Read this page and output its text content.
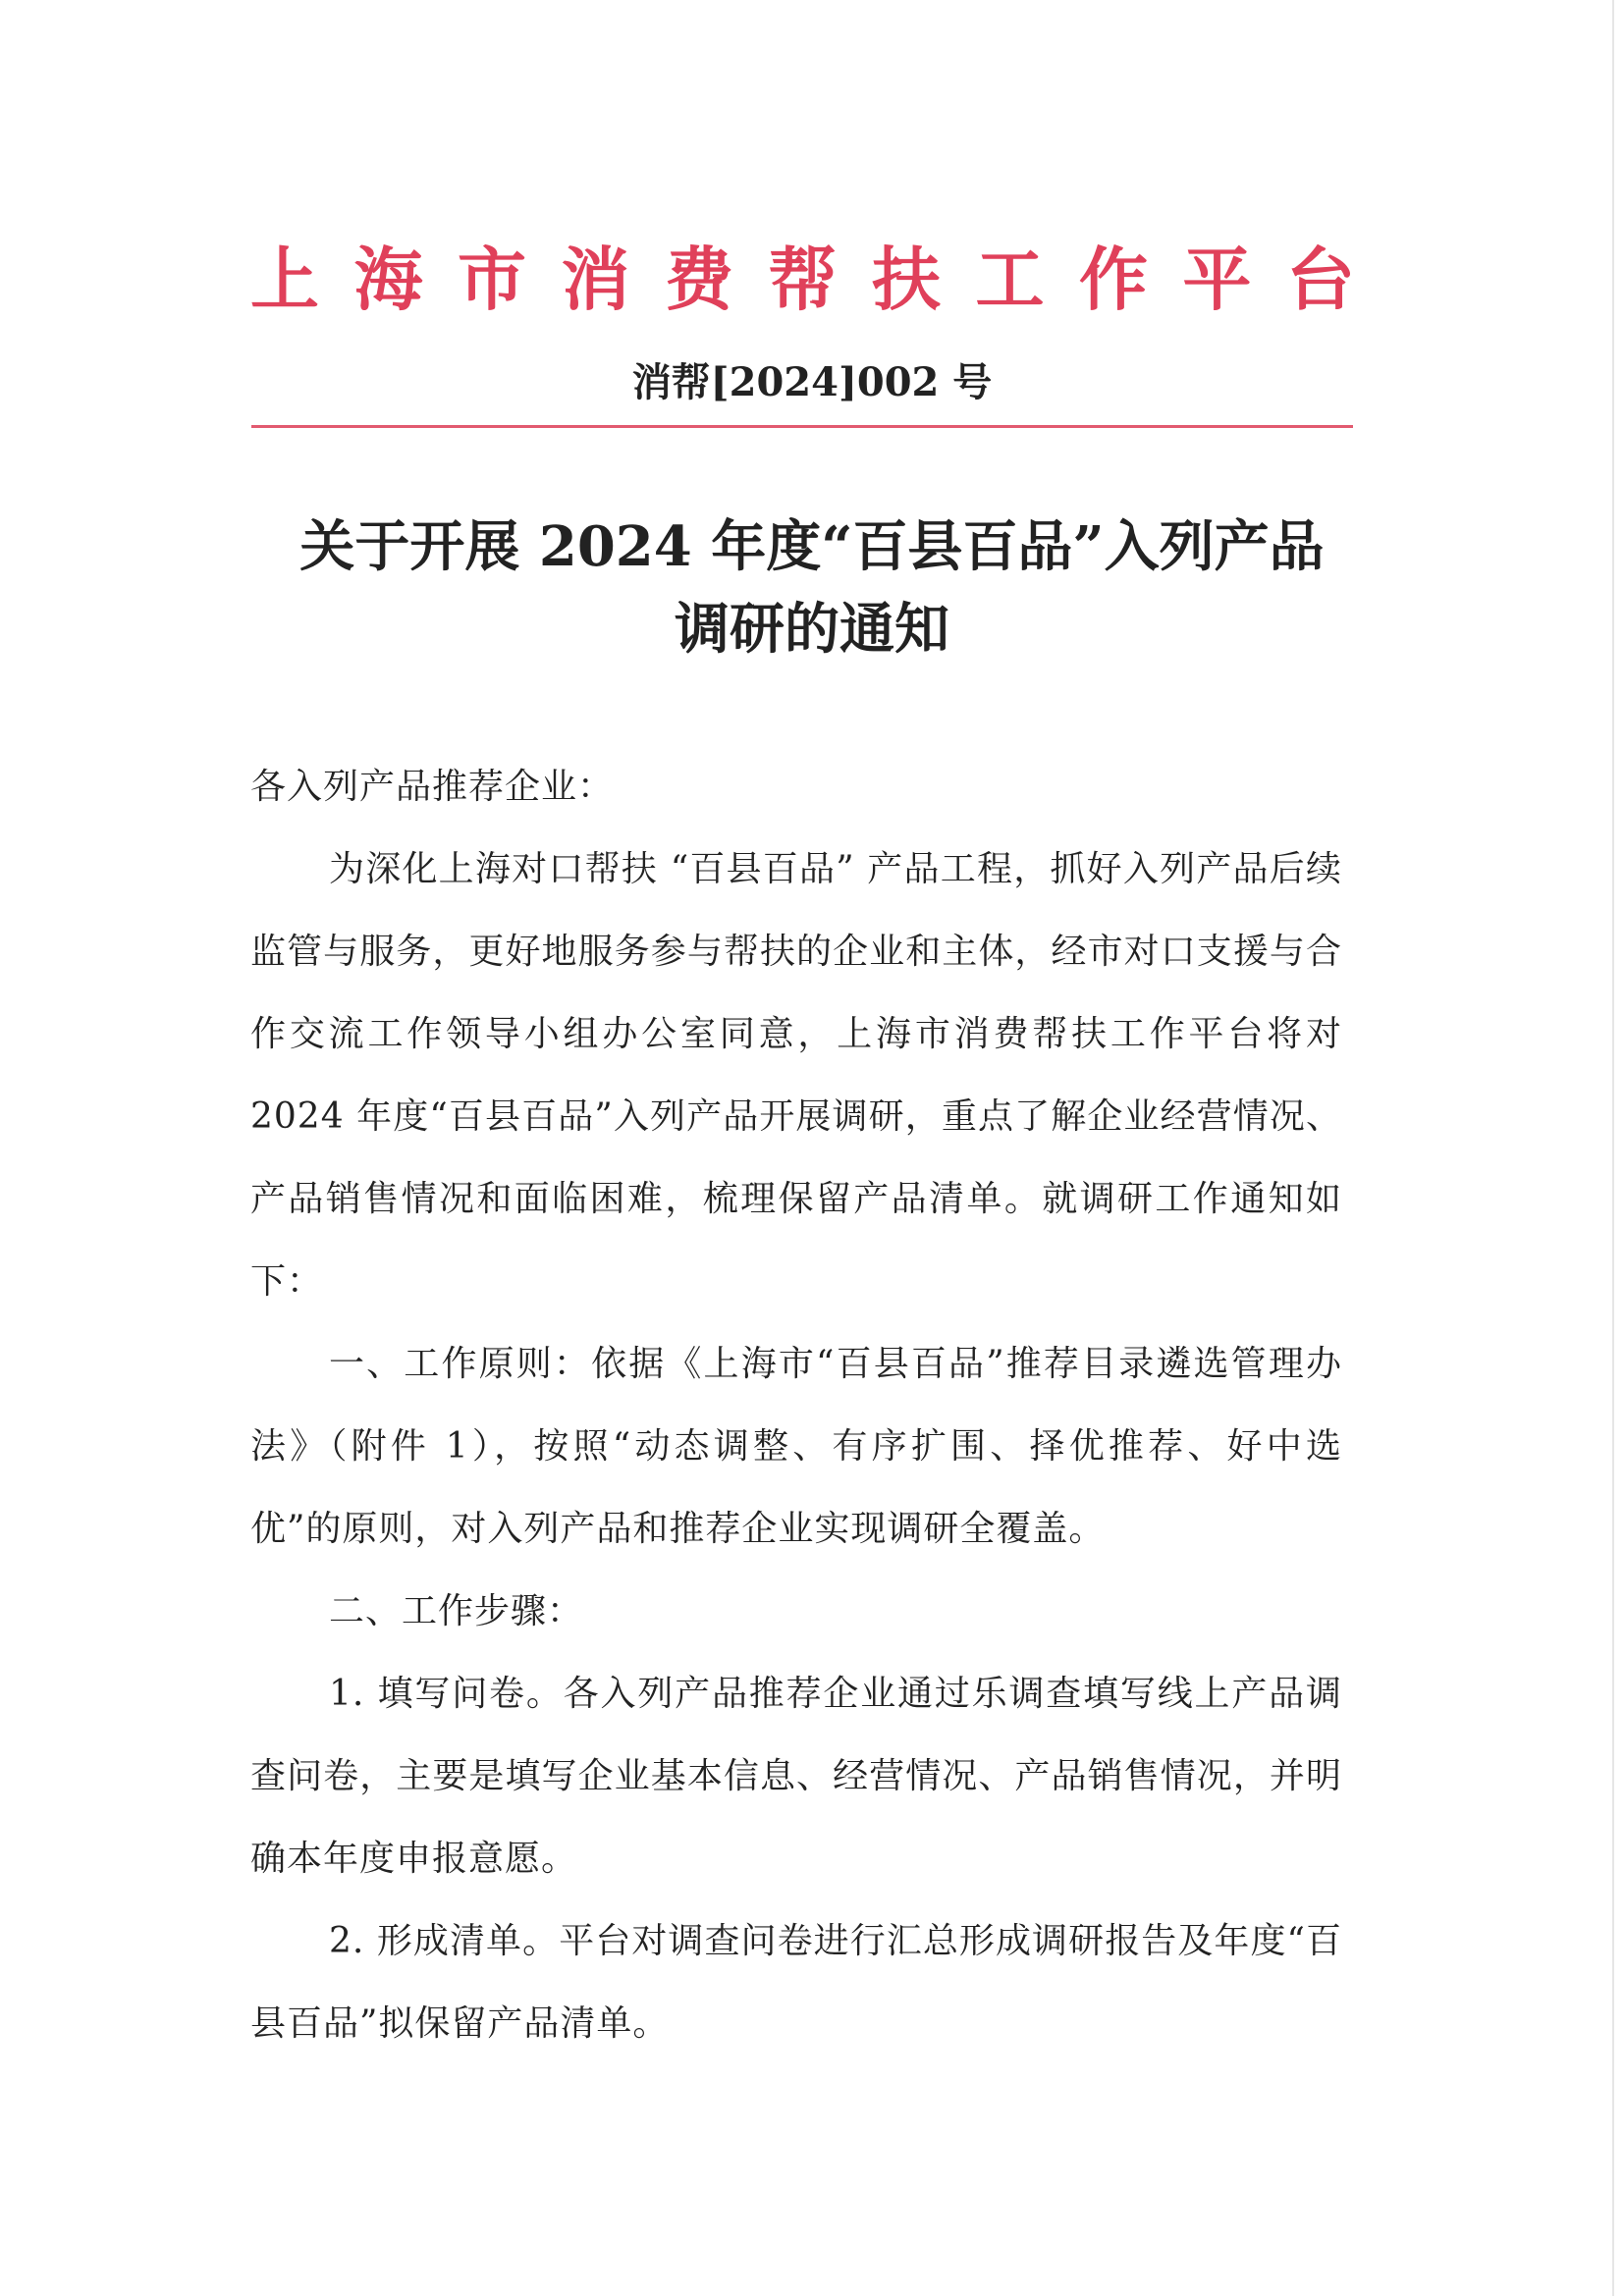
上 海 市 消 费 帮 扶 工 作 平 台
消帮[2024]002 号
关于开展 2024 年度“百县百品”入列产品
调研的通知

各入列产品推荐企业：

为深化上海对口帮扶 “百县百品” 产品工程，抓好入列产品后续监管与服务，更好地服务参与帮扶的企业和主体，经市对口支援与合作交流工作领导小组办公室同意，上海市消费帮扶工作平台将对 2024 年度“百县百品”入列产品开展调研，重点了解企业经营情况、产品销售情况和面临困难，梳理保留产品清单。就调研工作通知如下：

一、工作原则：依据《上海市“百县百品”推荐目录遴选管理办法》（附件 1），按照“动态调整、有序扩围、择优推荐、好中选优”的原则，对入列产品和推荐企业实现调研全覆盖。

二、工作步骤：

1. 填写问卷。各入列产品推荐企业通过乐调查填写线上产品调查问卷，主要是填写企业基本信息、经营情况、产品销售情况，并明确本年度申报意愿。

2. 形成清单。平台对调查问卷进行汇总形成调研报告及年度“百县百品”拟保留产品清单。
